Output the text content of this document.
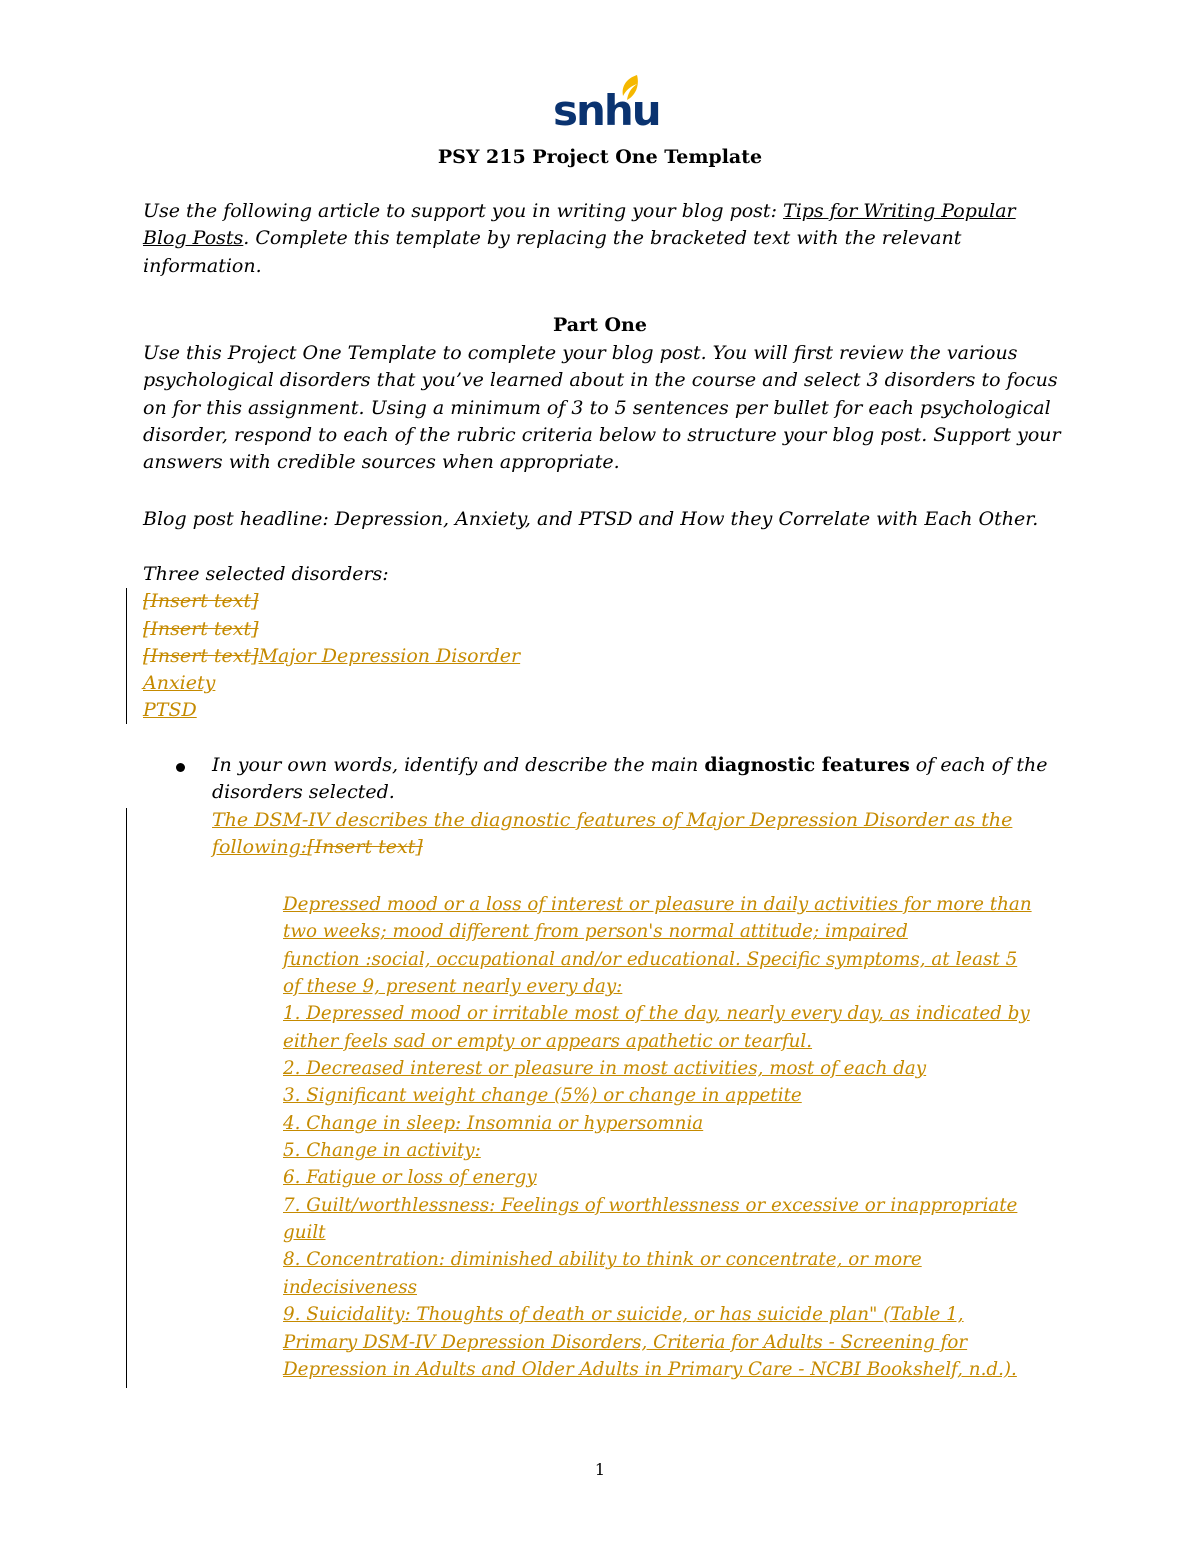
snhu
PSY 215 Project One Template
Use the following article to support you in writing your blog post: Tips for Writing Popular
Blog Posts. Complete this template by replacing the bracketed text with the relevant
information.
Part One
Use this Project One Template to complete your blog post. You will first review the various
psychological disorders that you’ve learned about in the course and select 3 disorders to focus
on for this assignment. Using a minimum of 3 to 5 sentences per bullet for each psychological
disorder, respond to each of the rubric criteria below to structure your blog post. Support your
answers with credible sources when appropriate.
Blog post headline: Depression, Anxiety, and PTSD and How they Correlate with Each Other.
Three selected disorders:
[Insert text]
[Insert text]
[Insert text]Major Depression Disorder
Anxiety
PTSD
In your own words, identify and describe the main diagnostic features of each of the
disorders selected.
The DSM-IV describes the diagnostic features of Major Depression Disorder as the
following:[Insert text]
Depressed mood or a loss of interest or pleasure in daily activities for more than
two weeks; mood different from person's normal attitude; impaired
function :social, occupational and/or educational. Specific symptoms, at least 5
of these 9, present nearly every day:
1. Depressed mood or irritable most of the day, nearly every day, as indicated by
either feels sad or empty or appears apathetic or tearful.
2. Decreased interest or pleasure in most activities, most of each day
3. Significant weight change (5%) or change in appetite
4. Change in sleep: Insomnia or hypersomnia
5. Change in activity:
6. Fatigue or loss of energy
7. Guilt/worthlessness: Feelings of worthlessness or excessive or inappropriate
guilt
8. Concentration: diminished ability to think or concentrate, or more
indecisiveness
9. Suicidality: Thoughts of death or suicide, or has suicide plan" (Table 1,
Primary DSM-IV Depression Disorders, Criteria for Adults - Screening for
Depression in Adults and Older Adults in Primary Care - NCBI Bookshelf, n.d.).
1
